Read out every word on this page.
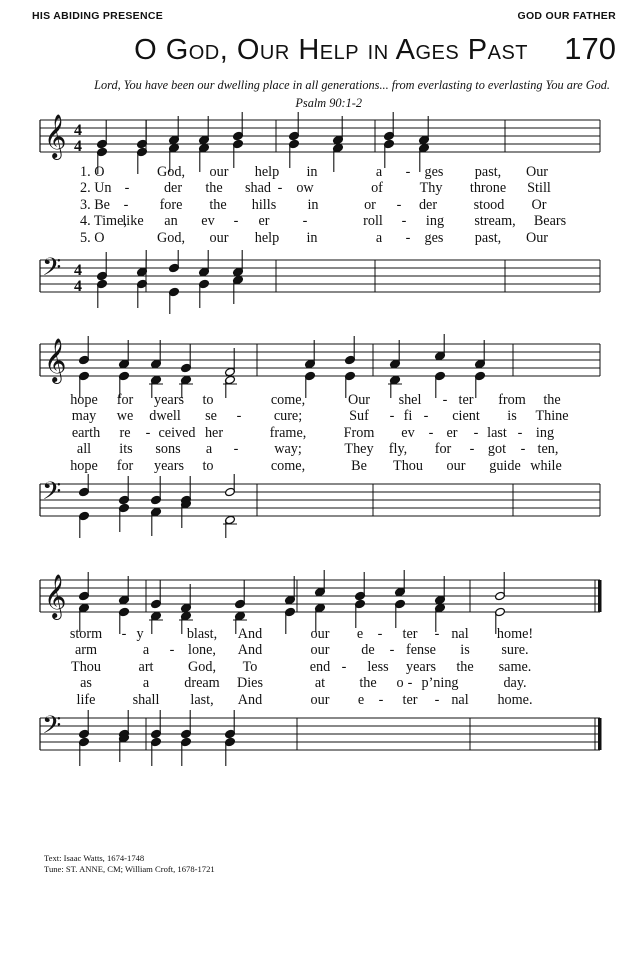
HIS ABIDING PRESENCE	GOD OUR FATHER
O God, Our Help in Ages Past 170
Lord, You have been our dwelling place in all generations... from everlasting to everlasting You are God.
Psalm 90:1-2
𝄞 4
4
𝄞
𝄞
𝄢 4
4
𝄢
𝄢
1. O	God, our help in	a - ges past, Our
2. Un - der the shad - ow	of	Thy throne Still
3. Be - fore the hills in	or - der	stood Or
4. Time,
like an ev - er -	roll - ing stream, Bears
5. O	God, our help in	a - ges past, Our
hope for years to	come,	Our shel - ter from the
may we dwell se - cure;	Suf - fi - cient is Thine
earth re - ceived her	frame,	From ev - er - last - ing
all its sons a -	way;	They fly, for - got - ten,
hope for years to	come,	Be Thou our guide while
storm - y	blast, And	our e - ter - nal home!
arm	a - lone, And	our de - fense is sure.
Thou	art God, To	end - less years the same.
as	a dream Dies	at the o - p’ning	day.
life	shall last, And	our e - ter - nal home.
Text: Isaac Watts, 1674-1748
Tune: ST. ANNE, CM; William Croft, 1678-1721
